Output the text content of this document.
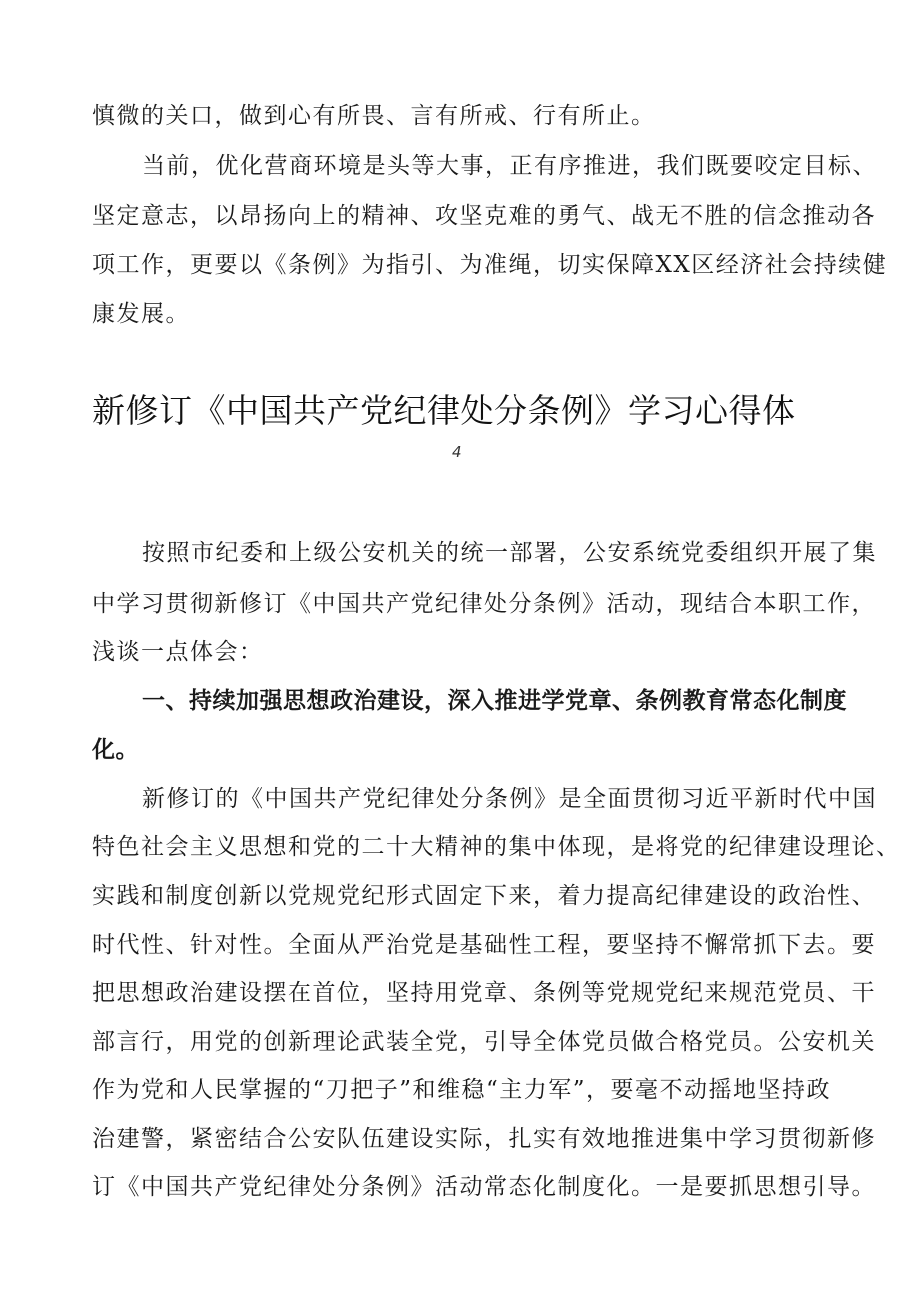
慎微的关口，做到心有所畏、言有所戒、行有所止。
当前，优化营商环境是头等大事，正有序推进，我们既要咬定目标、
坚定意志，以昂扬向上的精神、攻坚克难的勇气、战无不胜的信念推动各
项工作，更要以《条例》为指引、为准绳，切实保障XX区经济社会持续健
康发展。
新修订《中国共产党纪律处分条例》学习心得体
4
按照市纪委和上级公安机关的统一部署，公安系统党委组织开展了集
中学习贯彻新修订《中国共产党纪律处分条例》活动，现结合本职工作，
浅谈一点体会：
一、持续加强思想政治建设，深入推进学党章、条例教育常态化制度
化。
新修订的《中国共产党纪律处分条例》是全面贯彻习近平新时代中国
特色社会主义思想和党的二十大精神的集中体现，是将党的纪律建设理论、
实践和制度创新以党规党纪形式固定下来，着力提高纪律建设的政治性、
时代性、针对性。全面从严治党是基础性工程，要坚持不懈常抓下去。要
把思想政治建设摆在首位，坚持用党章、条例等党规党纪来规范党员、干
部言行，用党的创新理论武装全党，引导全体党员做合格党员。公安机关
作为党和人民掌握的“刀把子”和维稳“主力军”，要毫不动摇地坚持政
治建警，紧密结合公安队伍建设实际，扎实有效地推进集中学习贯彻新修
订《中国共产党纪律处分条例》活动常态化制度化。一是要抓思想引导。
